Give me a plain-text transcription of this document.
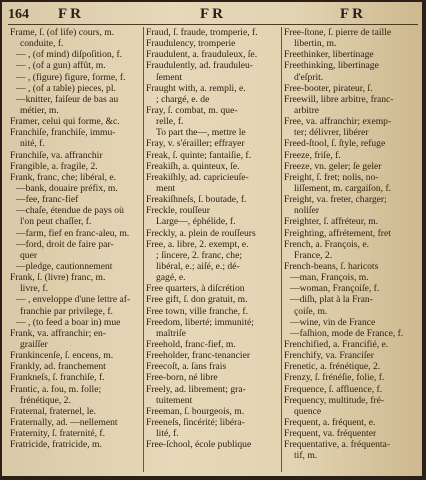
164 FR	FR	FR
Frame, ſ. (of life) cours, m.
conduite, f.
— , (of mind) diſpoſition, f.
— , (of a gun) affût, m.
— , (figure) figure, forme, f.
— , (of a table) pieces, pl.
—knitter, faiſeur de bas au
métier, m.
Framer, celui qui forme, &c.
Franchiſe, franchiſe, immu-
nité, f.
Franchiſe, va. affranchir
Frangible, a. fragile, 2.
Frank, franc, che; libéral, e.
—bank, douaire préfix, m.
—fee, franc-fief
—chaſe, étendue de pays où
l'on peut chaſſer, f.
—farm, fief en franc-aleu, m.
—ford, droit de faire par-
quer
—pledge, cautionnement
Frank, ſ. (livre) franc, m.
livre, f.
— , enveloppe d'une lettre af-
franchie par privilege, f.
— , (to feed a boar in) mue
Frank, va. affranchir; en-
graiſſer
Frankincenſe, ſ. encens, m.
Frankly, ad. franchement
Frankneſs, ſ. franchiſe, f.
Frantic, a. fou, m. folle;
frénétique, 2.
Fraternal, fraternel, le.
Fraternally, ad. —nellement
Fraternity, ſ. fraternité, f.
Fratricide, fratricide, m.
Fraud, ſ. fraude, tromperie, f.
Fraudulency, tromperie
Fraudulent, a. frauduleux, ſe.
Fraudulently, ad. frauduleu-
ſement
Fraught with, a. rempli, e.
; chargé, e. de
Fray, ſ. combat, m. que-
relle, f.
To part the—, mettre le
Fray, v. s'érailler; effrayer
Freak, ſ. quinte; fantaiſie, f.
Freakiſh, a. quinteux, ſe.
Freakiſhly, ad. capricieuſe-
ment
Freakiſhneſs, ſ. boutade, f.
Freckle, rouſſeur
Large—, éphélide, f.
Freckly, a. plein de rouſſeurs
Free, a. libre, 2. exempt, e.
; ſincere, 2. franc, che;
libéral, e.; aiſé, e.; dé-
gagé, e.
Free quarters, à diſcrétion
Free gift, ſ. don gratuit, m.
Free town, ville franche, f.
Freedom, liberté; immunité;
maîtriſe
Freehold, franc-fief, m.
Freeholder, franc-tenancier
Freecoſt, a. ſans frais
Free-born, né libre
Freely, ad. librement; gra-
tuitement
Freeman, ſ. bourgeois, m.
Freeneſs, ſincérité; libéra-
lité, f.
Free-ſchool, école publique
Free-ſtone, ſ. pierre de taille
libertin, m.
Freethinker, libertinage
Freethinking, libertinage
d'eſprit.
Free-booter, pirateur, ſ.
Freewill, libre arbitre, franc-
arbitre
Free, va. affranchir; exemp-
ter; délivrer, libérer
Freed-ſtool, ſ. ſtyle, refuge
Freeze, friſe, f.
Freeze, vn. geler; ſe geler
Freight, ſ. fret; nolis, no-
liſſement, m. cargaiſon, f.
Freight, va. freter, charger;
noliſer
Freighter, ſ. affréteur, m.
Freighting, affrétement, fret
French, a. François, e.
France, 2.
French-beans, ſ. haricots
—man, François, m.
—woman, Françoiſe, f.
—diſh, plat à la Fran-
çoiſe, m.
—wine, vin de France
—faſhion, mode de France, f.
Frenchified, a. Francifié, e.
Frenchify, va. Franciſer
Frenetic, a. frénétique, 2.
Frenzy, ſ. frénéſie, folie, f.
Frequence, ſ. affluence, f.
Frequency, multitude, fré-
quence
Frequent, a. fréquent, e.
Frequent, va. fréquenter
Frequentative, a. fréquenta-
tif, m.
